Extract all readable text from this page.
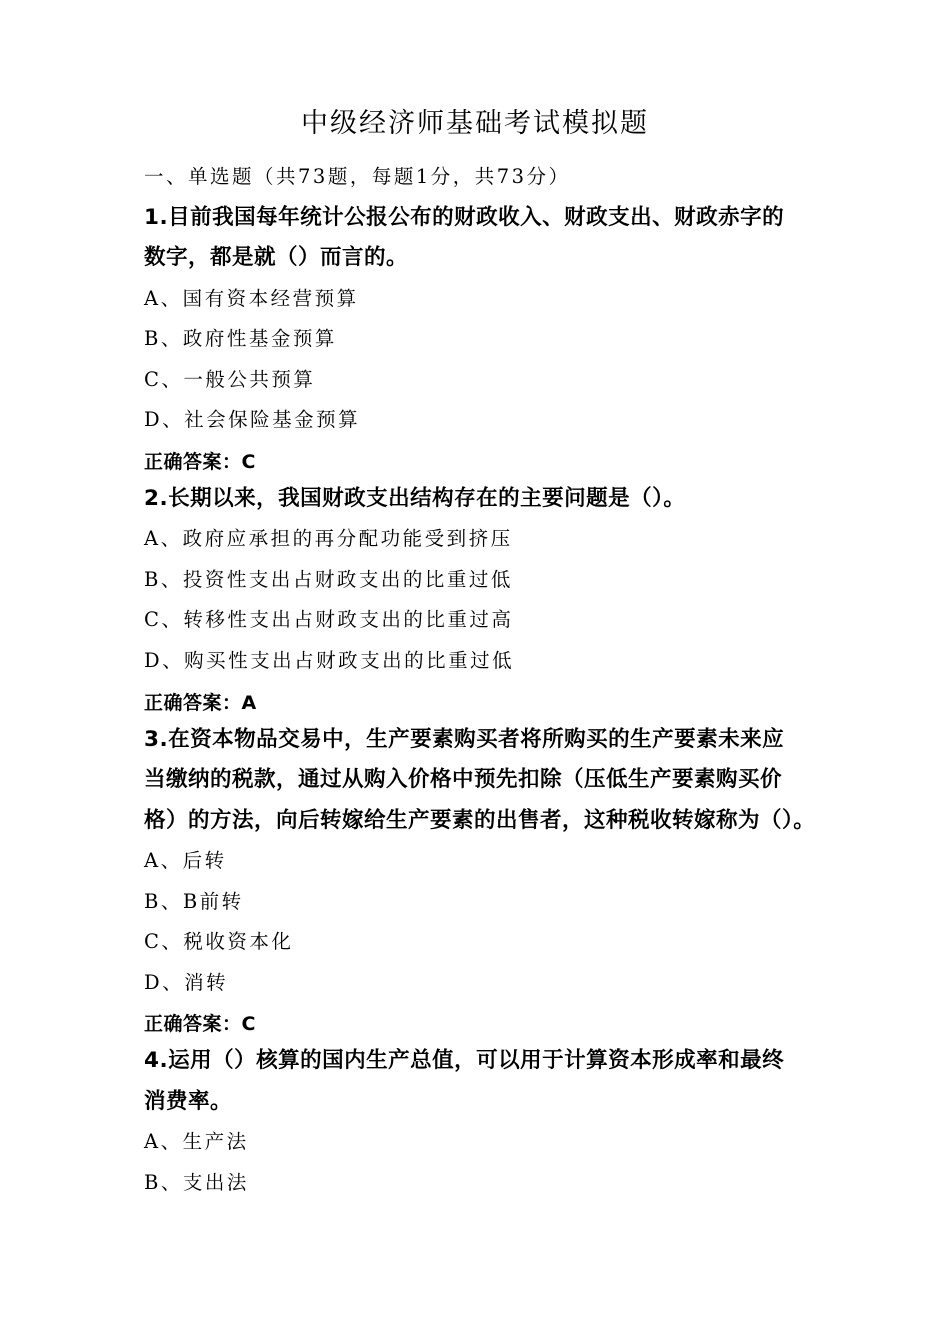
中级经济师基础考试模拟题
一、单选题（共73题，每题1分，共73分）
1.目前我国每年统计公报公布的财政收入、财政支出、财政赤字的
数字，都是就（）而言的。
A、国有资本经营预算
B、政府性基金预算
C、一般公共预算
D、社会保险基金预算
正确答案：C
2.长期以来，我国财政支出结构存在的主要问题是（）。
A、政府应承担的再分配功能受到挤压
B、投资性支出占财政支出的比重过低
C、转移性支出占财政支出的比重过高
D、购买性支出占财政支出的比重过低
正确答案：A
3.在资本物品交易中，生产要素购买者将所购买的生产要素未来应
当缴纳的税款，通过从购入价格中预先扣除（压低生产要素购买价
格）的方法，向后转嫁给生产要素的出售者，这种税收转嫁称为（）。
A、后转
B、B前转
C、税收资本化
D、消转
正确答案：C
4.运用（）核算的国内生产总值，可以用于计算资本形成率和最终
消费率。
A、生产法
B、支出法
